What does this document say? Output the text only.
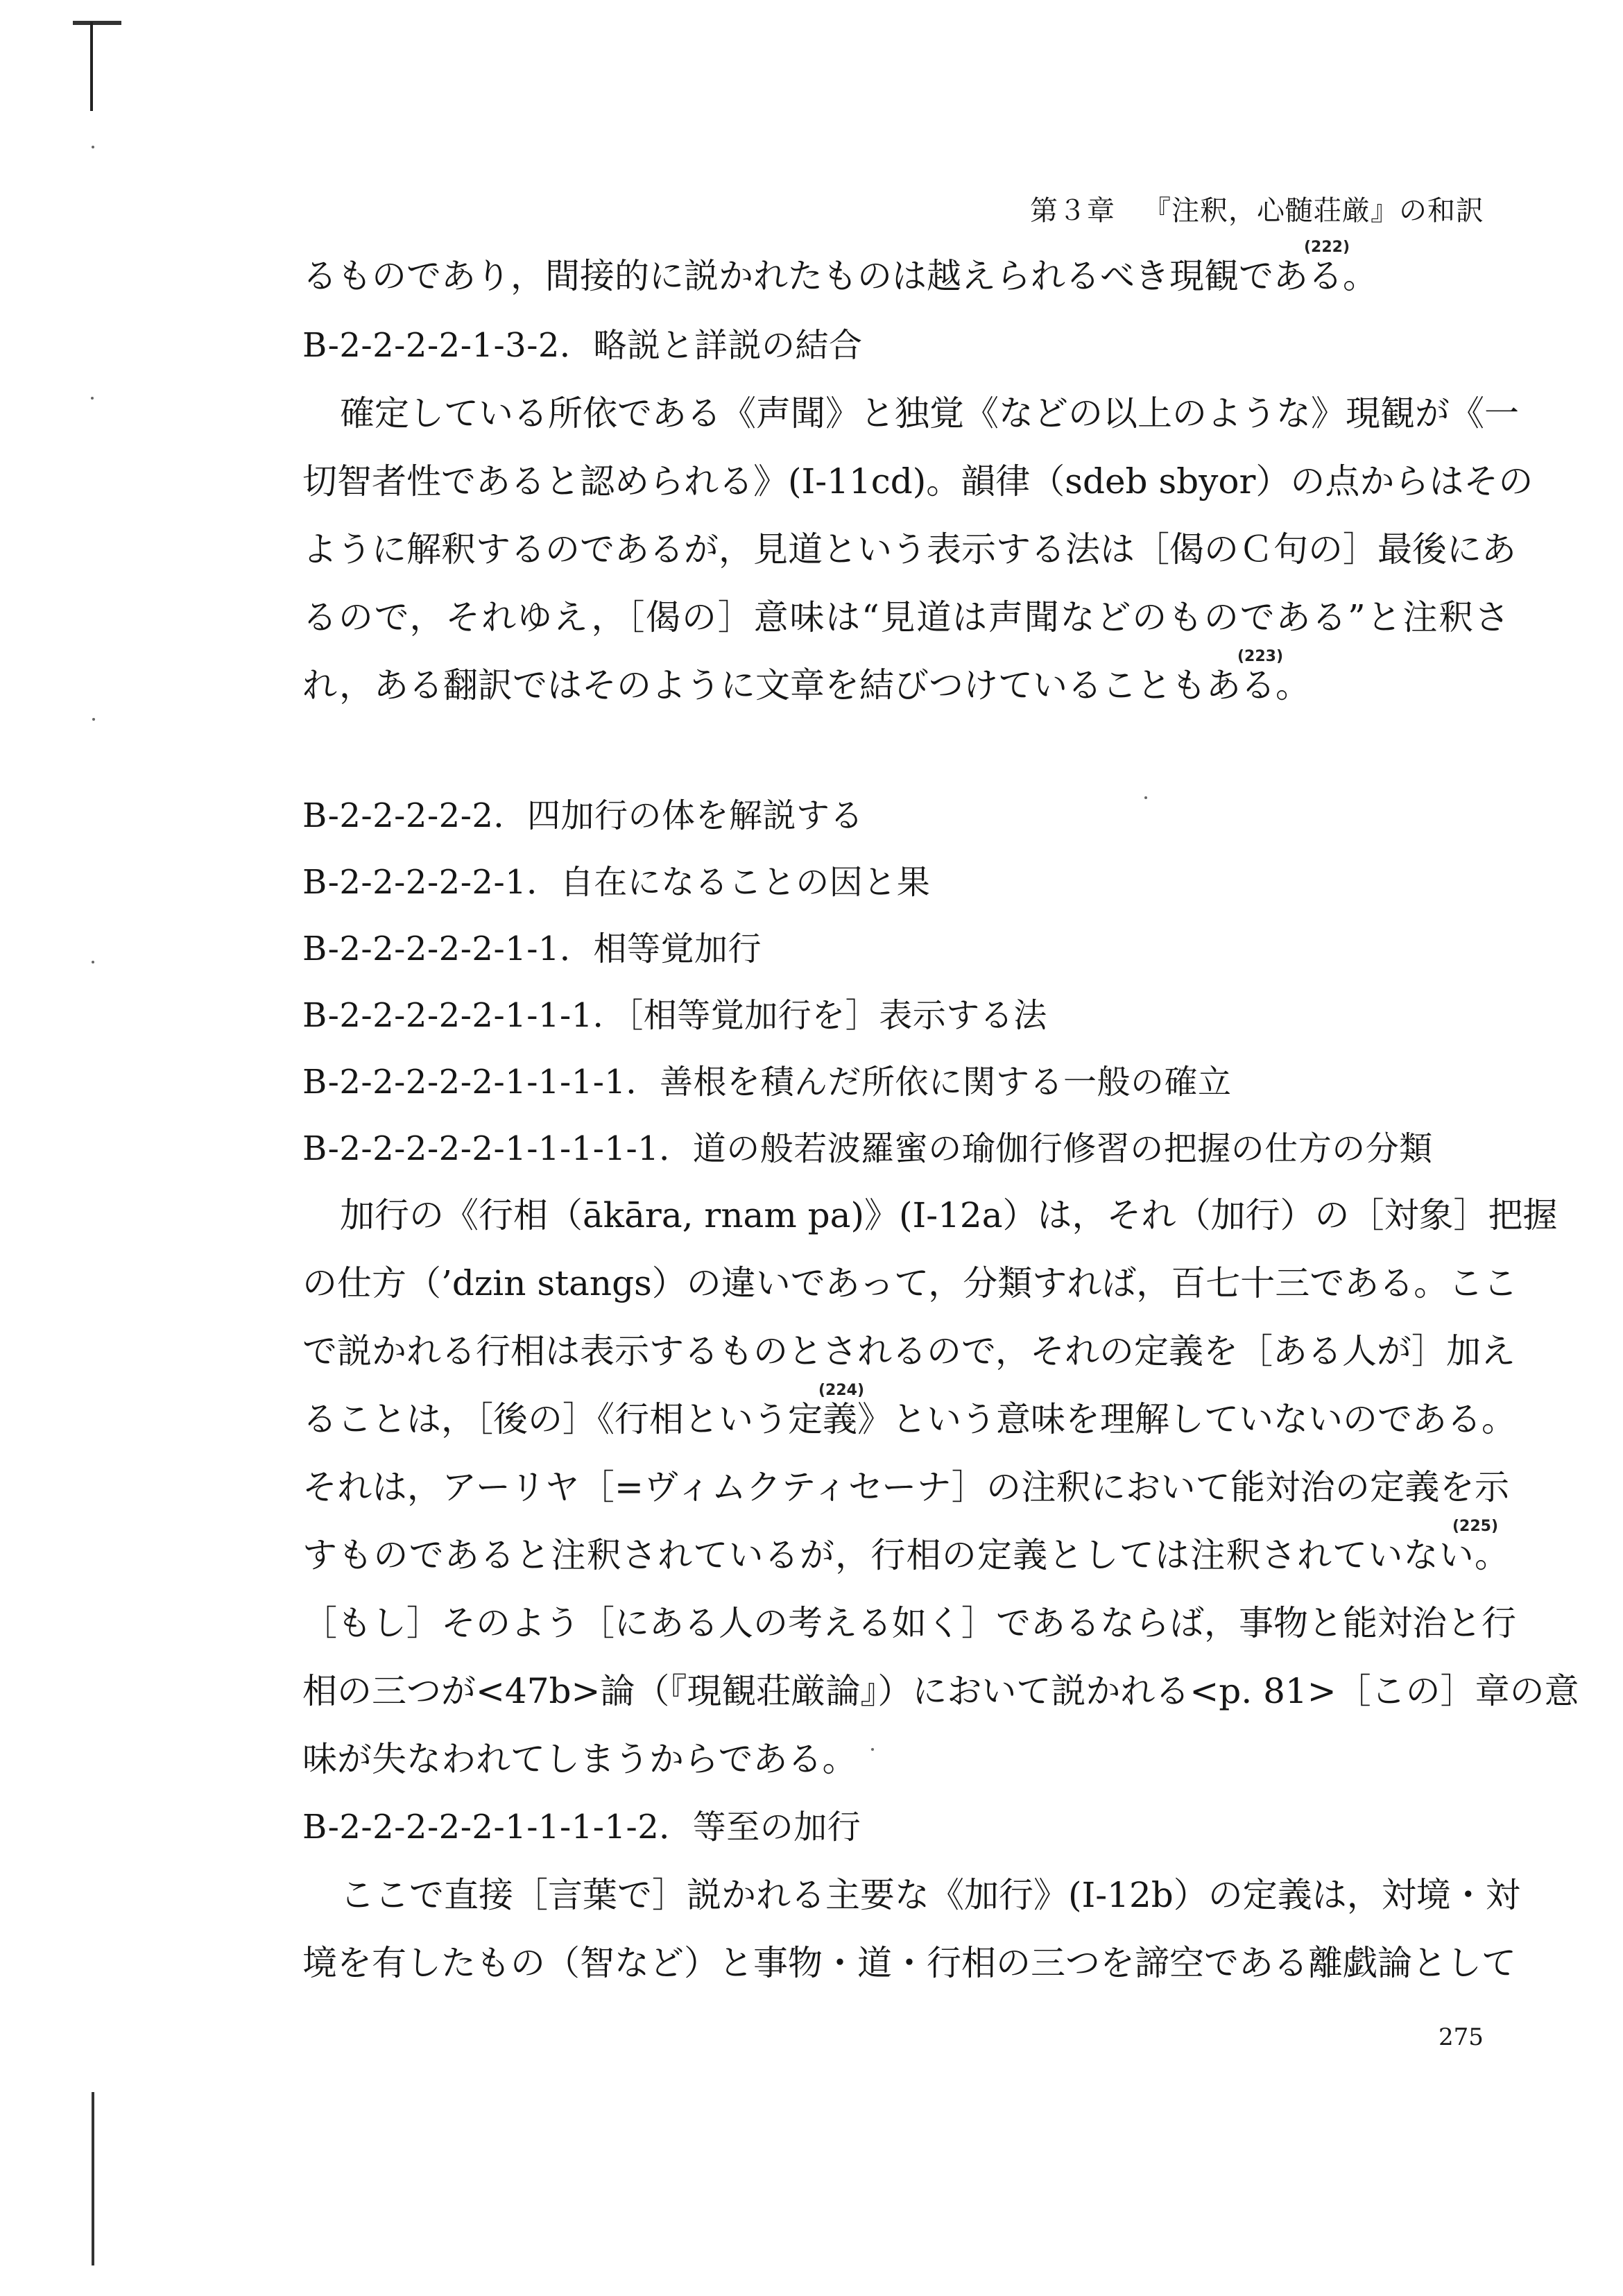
第３章 『注釈，心髄荘厳』の和訳
るものであり，間接的に説かれたものは越えられるべき現観である。
B-2-2-2-2-1-3-2．略説と詳説の結合
確定している所依である《声聞》と独覚《などの以上のような》現観が《一
切智者性であると認められる》(I-11cd)。韻律（sdeb sbyor）の点からはその
ように解釈するのであるが，見道という表示する法は［偈のＣ句の］最後にあ
るので，それゆえ，［偈の］意味は“見道は声聞などのものである”と注釈さ
れ，ある翻訳ではそのように文章を結びつけていることもある。
B-2-2-2-2-2．四加行の体を解説する
B-2-2-2-2-2-1．自在になることの因と果
B-2-2-2-2-2-1-1．相等覚加行
B-2-2-2-2-2-1-1-1．［相等覚加行を］表示する法
B-2-2-2-2-2-1-1-1-1．善根を積んだ所依に関する一般の確立
B-2-2-2-2-2-1-1-1-1-1．道の般若波羅蜜の瑜伽行修習の把握の仕方の分類
加行の《行相（ākāra, rnam pa)》(I-12a）は，それ（加行）の［対象］把握
の仕方（’dzin stangs）の違いであって，分類すれば，百七十三である。ここ
で説かれる行相は表示するものとされるので，それの定義を［ある人が］加え
ることは，［後の］《行相という定義》という意味を理解していないのである。
それは，アーリヤ［=ヴィムクティセーナ］の注釈において能対治の定義を示
すものであると注釈されているが，行相の定義としては注釈されていない。
［もし］そのよう［にある人の考える如く］であるならば，事物と能対治と行
相の三つが<47b>論（『現観荘厳論』）において説かれる<p. 81>［この］章の意
味が失なわれてしまうからである。
B-2-2-2-2-2-1-1-1-1-2．等至の加行
ここで直接［言葉で］説かれる主要な《加行》(I-12b）の定義は，対境・対
境を有したもの（智など）と事物・道・行相の三つを諦空である離戯論として
(222)
(223)
(224)
(225)
275
